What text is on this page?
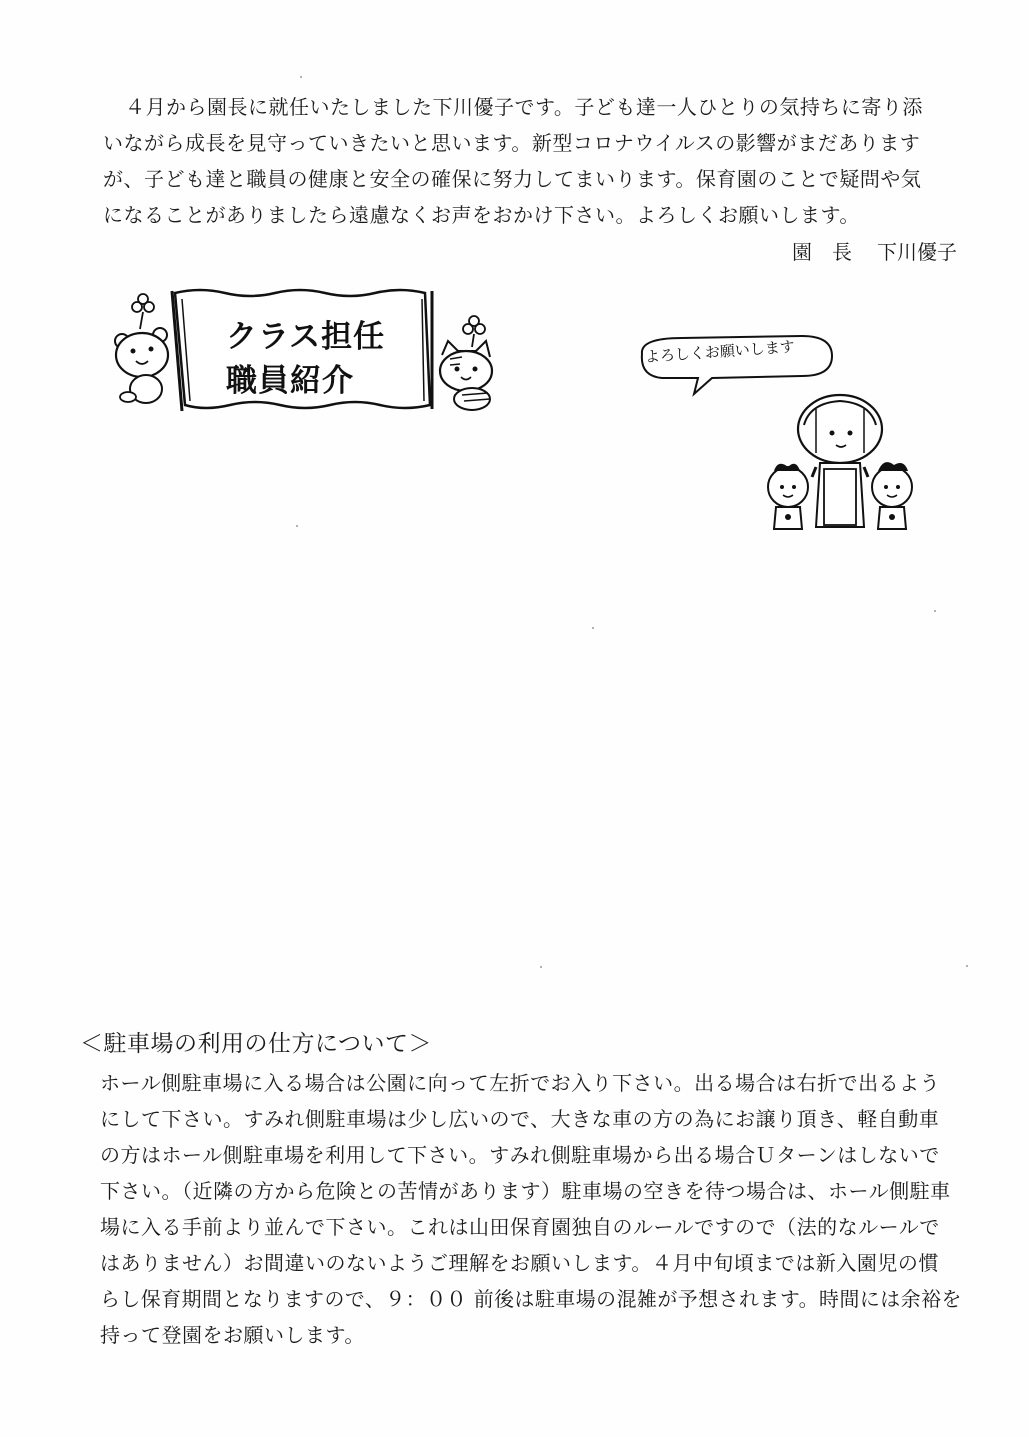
４月から園長に就任いたしました下川優子です。子ども達一人ひとりの気持ちに寄り添
いながら成長を見守っていきたいと思います。新型コロナウイルスの影響がまだあります
が、子ども達と職員の健康と安全の確保に努力してまいります。保育園のことで疑問や気
になることがありましたら遠慮なくお声をおかけ下さい。よろしくお願いします。
園　長 下川優子
クラス担任
職員紹介
よろしくお願いします
＜駐車場の利用の仕方について＞
ホール側駐車場に入る場合は公園に向って左折でお入り下さい。出る場合は右折で出るよう
にして下さい。すみれ側駐車場は少し広いので、大きな車の方の為にお譲り頂き、軽自動車
の方はホール側駐車場を利用して下さい。すみれ側駐車場から出る場合Ｕターンはしないで
下さい。（近隣の方から危険との苦情があります）駐車場の空きを待つ場合は、ホール側駐車
場に入る手前より並んで下さい。これは山田保育園独自のルールですので（法的なルールで
はありません）お間違いのないようご理解をお願いします。４月中旬頃までは新入園児の慣
らし保育期間となりますので、９：００ 前後は駐車場の混雑が予想されます。時間には余裕を
持って登園をお願いします。
